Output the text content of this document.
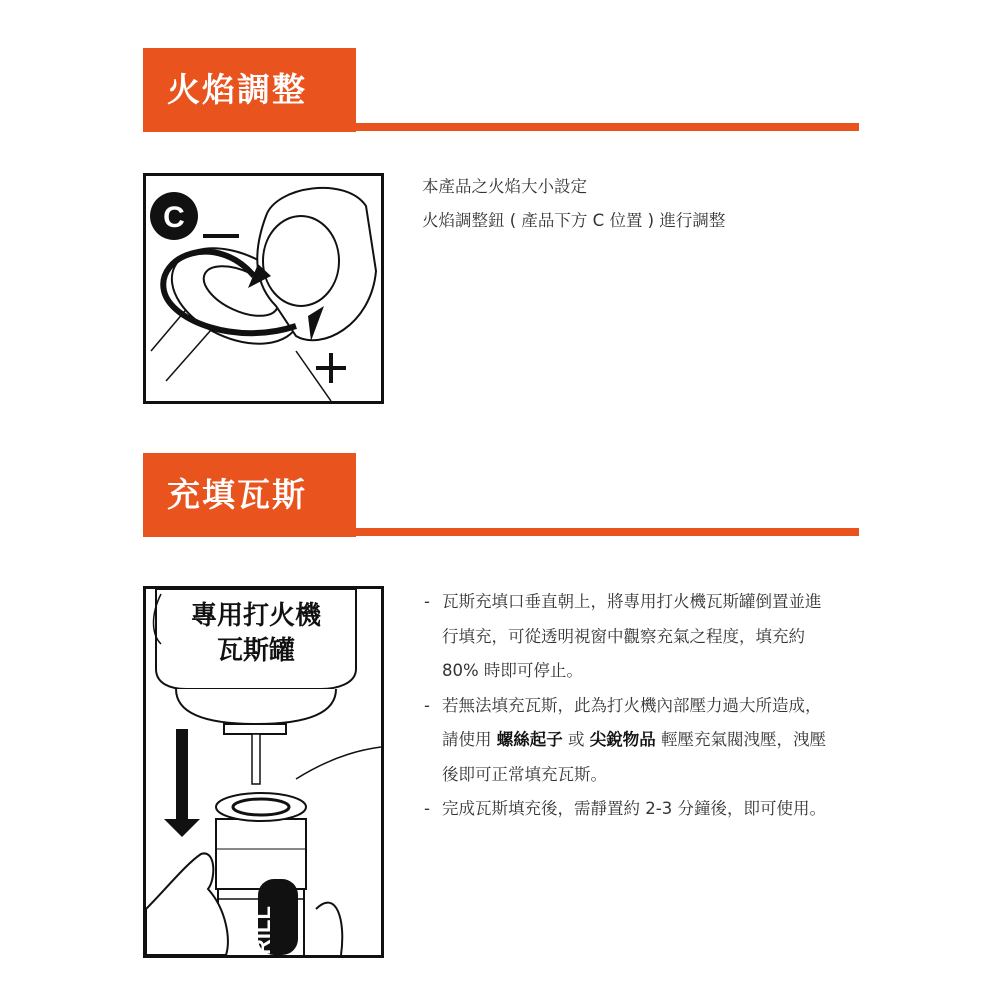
火焰調整
C

本產品之火焰大小設定

火焰調整鈕 ( 產品下方 C 位置 ) 進行調整

充填瓦斯
專用打火機
瓦斯罐
RILL
- 瓦斯充填口垂直朝上，將專用打火機瓦斯罐倒置並進行填充，可從透明視窗中觀察充氣之程度，填充約 80% 時即可停止。
- 若無法填充瓦斯，此為打火機內部壓力過大所造成，請使用 螺絲起子 或 尖銳物品 輕壓充氣閥洩壓，洩壓後即可正常填充瓦斯。
- 完成瓦斯填充後，需靜置約 2-3 分鐘後，即可使用。
